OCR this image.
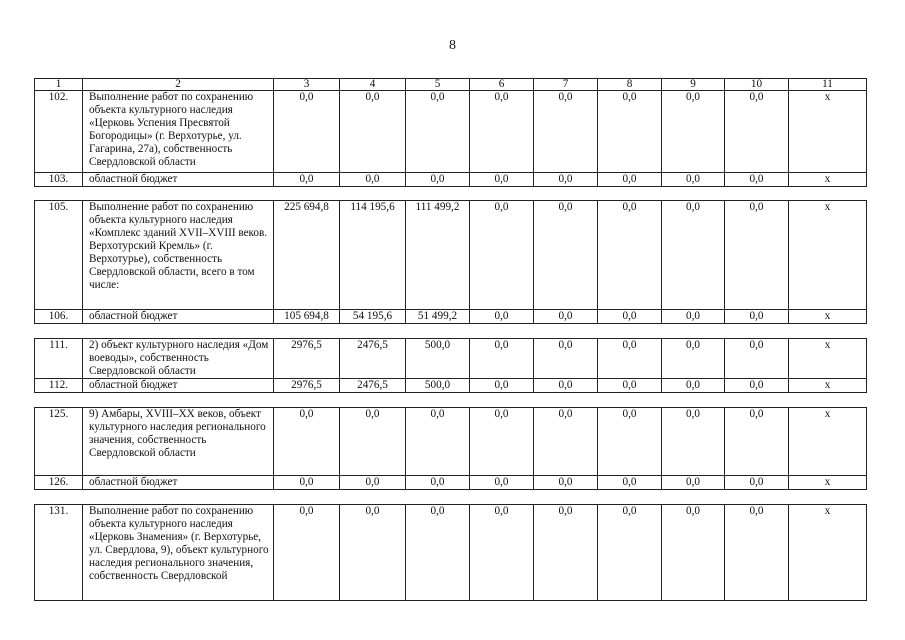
8
1	2	3	4	5	6	7	8	9	10	11
102.	Выполнение работ по сохранению объекта культурного наследия «Церковь Успения Пресвятой Богородицы» (г. Верхотурье, ул. Гагарина, 27а), собственность Свердловской области	0,0	0,0	0,0	0,0	0,0	0,0	0,0	0,0	х
103.	областной бюджет	0,0	0,0	0,0	0,0	0,0	0,0	0,0	0,0	х
105.	Выполнение работ по сохранению объекта культурного наследия «Комплекс зданий XVII–XVIII веков. Верхотурский Кремль» (г. Верхотурье), собственность Свердловской области, всего в том числе:	225 694,8	114 195,6	111 499,2	0,0	0,0	0,0	0,0	0,0	х
106.	областной бюджет	105 694,8	54 195,6	51 499,2	0,0	0,0	0,0	0,0	0,0	х
111.	2) объект культурного наследия «Дом воеводы», собственность Свердловской области	2976,5	2476,5	500,0	0,0	0,0	0,0	0,0	0,0	х
112.	областной бюджет	2976,5	2476,5	500,0	0,0	0,0	0,0	0,0	0,0	х
125.	9) Амбары, XVIII–XX веков, объект культурного наследия регионального значения, собственность Свердловской области	0,0	0,0	0,0	0,0	0,0	0,0	0,0	0,0	х
126.	областной бюджет	0,0	0,0	0,0	0,0	0,0	0,0	0,0	0,0	х
131.	Выполнение работ по сохранению объекта культурного наследия «Церковь Знамения» (г. Верхотурье, ул. Свердлова, 9), объект культурного наследия регионального значения, собственность Свердловской	0,0	0,0	0,0	0,0	0,0	0,0	0,0	0,0	х
